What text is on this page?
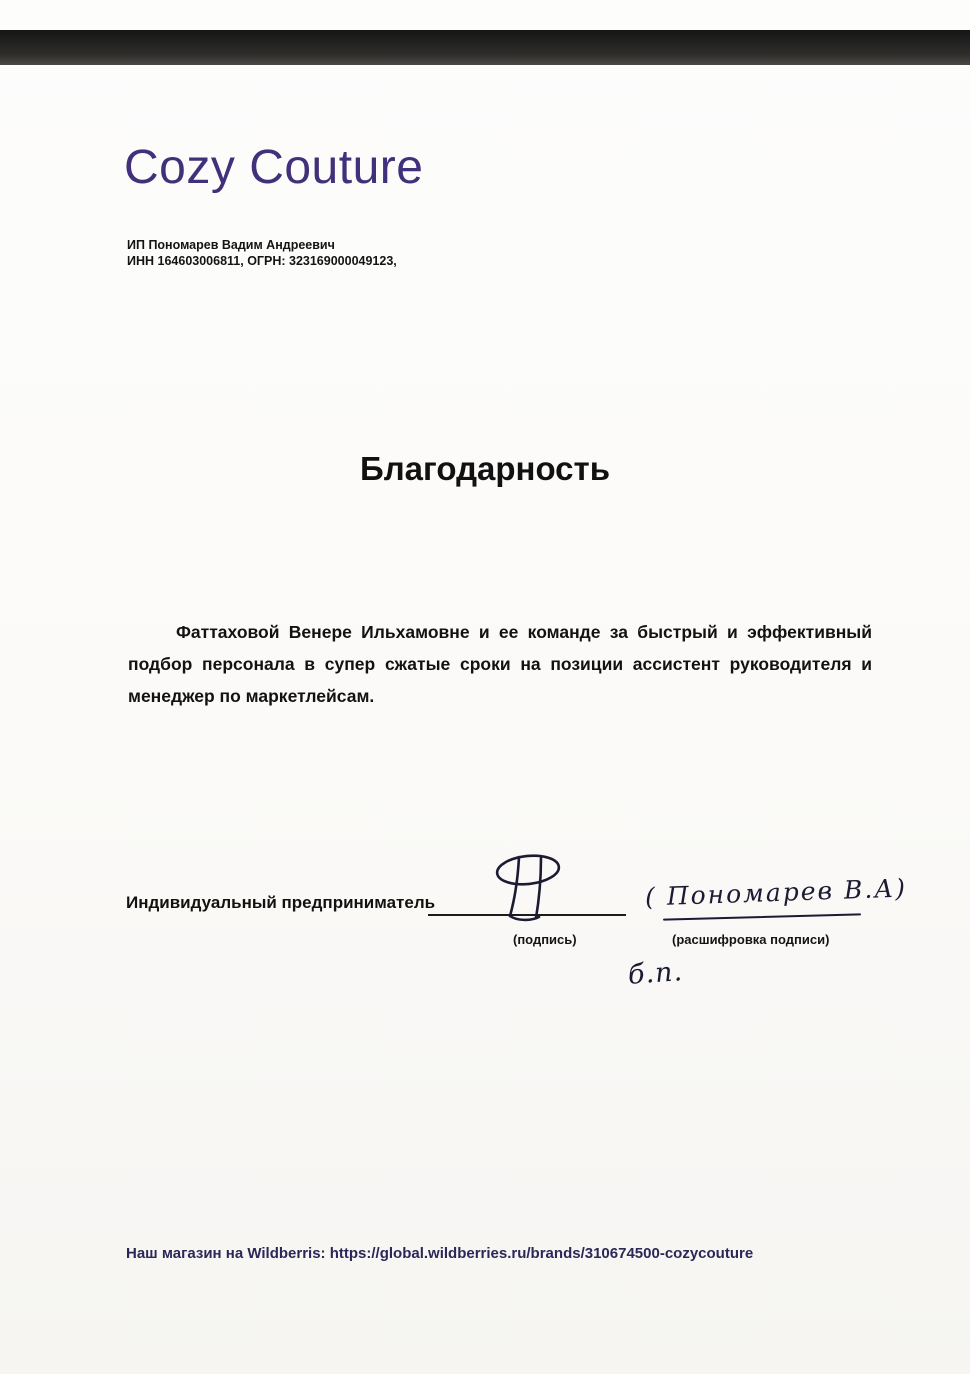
Cozy Couture
ИП Пономарев Вадим Андреевич
ИНН 164603006811, ОГРН: 323169000049123,
Благодарность
Фаттаховой Венере Ильхамовне и ее команде за быстрый и эффективный подбор персонала в супер сжатые сроки на позиции ассистент руководителя и менеджер по маркетлейсам.
Индивидуальный предприниматель	( Пономарев В.А)
(подпись)	(расшифровка подписи)
б.п.
Наш магазин на Wildberris: https://global.wildberries.ru/brands/310674500-cozycouture
